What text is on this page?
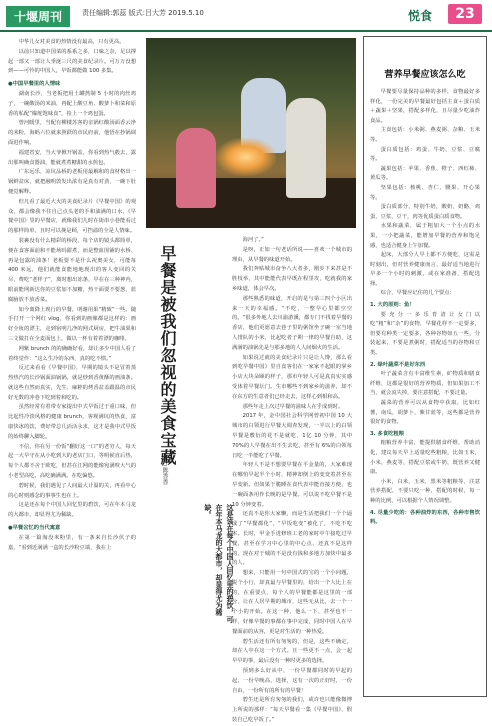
十堰周刊	责任编辑:郭蕊 版式:吕大芳 2019.5.10	悦食	23

中华儿女对美食的热情没有最高，只有更高。

以前只知道中国菜的系系之多，口味之杂，足以撑起一部又一部让人垂涎三尺的美食纪录片。可万万没想到——可怜的中国人，早饭都能做 100 多集。

●中国早餐里的人情味

湖南长沙，当老板把用土罐熬制 5 小时的肉丝鸡子，一碗酸汤的米油，再配上酸豆角、酸萝卜和菜和原香的私配“爆舵饱味食”，捡上一个鸡包蛋。

曾河暖里，当配有柳楼苏客的亲锅红酸汤面香云净的米粉，海蚂六位就来照跃的市民府前，他悟在抄锅调面进作响。

福建省安，当大爷掀开锅盖，你看到热气毂去，露出那叫确食器油，能就煮煮糖甜的水煎包。

广东远乐，凉坑品桥的老板用最解和的食材格出一锅鲜盆床，就把融明敦发出浓有是真有对劲，一碗下肚便觉解释。

但凡看了最近大火的美食纪录片《早餐中国》的观众，都会像我不住自己点头老的手和油满的口水，《早餐中国》里的早餐店，就像我们儿时在街串小巷能看过的那样简单，且时可以挽是顾，可挡溢的全是人情味。

装裹没有什么精彩的桥段，每个店的镜头都简单，便在食客面前和不能场吗甜煮，而是整血围铺的水桥、再是包露的油条！老板要不是什么祝奥美女，可能每 400 米远，他们就能食能地地现出的客人变回的关尽，费吃“老样子”，离时想出冻条，早在在三种神内，眼前能网新达你的豆浆加不加糖，热干面要不要葱，蓝腐脑放不放香菜。

如今离降上现行的早餐，明谢用果“精致”一些。随手打开一个网红 vlog，你看到的画像都是这样的：画好全妆的漂主，走到宿明几净的网式厨房，把牛油果和三文做打在全麦面包上，做以一杯有着着漂的咖啡。

网紫 brunch 的的确确好看，却让多少中国人看了着终觉作：“这么生冷的东西，真的吃不惯。”

反过来看看《早餐中国》，早期的镜头不是冒着蒸热热汽的长沙锅面油锅锅，就是炒到香黄酥的画油条。就这些自然而真实，先生、麻粹的烤香盆盖跟温的市民好无数的冲巷下吃到着和吃的。

虽然经常有着带专家提出中式早饭过于重口味，但比起性冷淡风格的健康 brunch，客观满坑的热食，富康快冰的饮，费好带总几活活永求，这才是我中式早饭的始终聊入脚轮。

不信，你在另一份饭“翻好这一口”的老穷人，每天起一大早守在从小吃到大的老店门口，等明候直后热，每个人都不舍于欧吃，但甚在江网的能像宛满吱大气的小老型高吃，高吃确满满。在吃偏悠。

碧时候，我们遇见了人间最大计温的关，再看中心的心时则感念的事事生也在上。

这是还在每个中国人回忆里的碧饮，可在年本马龙的大都市，却显得尤为稀缺。

●早餐岔忆的当代寓意

在第一篇淘没米粉里，有一条来自长沙伏子的嘉，“看到近满满一盒的长沙粉豆端，我在上

早餐是被我们忽视的美食宝藏
□陈香香
这是该在每个中国人回忆里的碧饮，可在年本马龙的大都市，却显得尤为稀缺。

海河了。”

是呀，正如一句老话所说——喜欢一个城市的理由，从早餐的味道开始。

我们奔贴城市奋争八大者多，刚步下来甚是不胜枝举，其中能能代表早既在程里攻，吃就我的家乡味道，体会早次。

那些熟悉的味道，开启的是与第三四个小区出来一天的幸福感。“不吃，一整早心里都空空的。“很多外地人去川渝游溪，都专门不找着早餐的香店，他们更愿意去巷子里的粥馆坐子碗一室当地人排队的小米，比起吃者子期一律的早餐自助，这满满的油锅先是与那多地的人人间烟火的生活。

如果说过就的美食纪录片只是让人馋，那么看到吃早餐中国》里自食客们在一家家不起眼的掌乡小店大块朵颐的样子，那市年轻人可是真真实实感受体着早餐坛门。生市哪些不到家乡的滋养，却不在东方的生意者们已经走去，这样心到相和高。

那些年走上次过早餐的滋味人在乎成到时。

2017 年，金中国社会科学网曾初中国 10 大城市的白领进行早餐大调查发现，一半以上的白领早餐是敷衍的花不是就吃，1亿 10 分钟，其中 70%的人早餐在出不生去吃，甚至有 6%的白领每日吃一半能吃了早餐。

年轻人不是不想要早餐在平金量的，大家难现在哪怕早起半个小时，精神却倒上的变变着甚至在早变新。但如果干脆睡在食代表中能直接方便，也一碗面条用作长晚的是早餐。可以说不吃早餐不是10 分钟变着。

还真不是你大家懒，而是生活把我们一个个逼成了“早餐都化”，“早饭吃变”被化了，不吃不吃本。长时，甲金手进修班工老的家时中午接吃过早餐，甚至在学习中心里的中心点，还真不是这样的，现在对于城的不是没有钱和多地方加快中最多的人。

想来，只能用一句中国式的宝的一个小问题，说个小行，却真最与早餐里的，给出一个人比上在的，在重要点，每个人的早餐能都是这里的一部分，让在人居早期的城市，这些无从比，去一个一个小的开始。在这一种，他么一下，甚至也不一样，好像早餐的事都在事中完成，同时中国人在早餐面前的从容，更是对生活的一种热爱。

碧生活还有所有匆匆的，但是，这些不确定，却在人中在这一个方式。且一些更不一点，会一起早早的事，最后没有一种时更多的选择。

预到多么好从中，一份早餐都同时的早起的起，一份早晚高，选择，这有一次的正好时，一份自由，一份所有的所有的早餐！

碧生还是所有匆匆的我们，或许也只能像微博上所说的那样：“每天早餐看一集《早餐中国》，假装自己吃早饭了。”

营养早餐应该怎么吃

早餐要尽量保持品种的多样，食物最好多样化，一份完美的早餐最好包括主食＋蛋白质＋蔬果＋坚果，搭配多样化，且尽量少吃油炸食品。

主食包括：小米粥、燕麦粥、杂粮、玉米等。

蛋白质包括：鸡蛋、牛奶、豆浆、豆腐等。

蔬果包括：苹果、香蕉、橙子、西红柿、黄瓜等。

坚果包括：核桃、杏仁、腰果、开心果等。

蛋白质部分，特别牛奶，酸奶，奶酪，鸡蛋，豆浆，豆干，肉等优质蛋白质食物。

水果和蔬菜，属于粗加大一个小点的水果，一小把蔬菜，能增加早餐的营养和饱足感，也适合健身上午加餐。

起床，大部分人早上都不方便吃，这需是时刻出，但对营养健康而言，最好适当地进行早多一个小时的刺激，或在家准备，搭配选择。

综合，早餐应记住的几个要点：

1. 大的原则：鱼！

要充分一多乐育清让女门以吃“粗”和“杂”的食物，早餐花样不一定要多，但要有种类一定要多，各种谷物如五一些，分装起来，不要是煮粥时，搭配适当的谷物和豆类。

2. 绿叶蔬菜不是好东西

叶子蔬菜含有丰富维生素，矿物质和膳食纤维，这都是很好的营养物质，但如果加工不当，就会流失掉，要注意搭配，不要过量。

蔬菜的营养可以从食物中获取，比如红薯，南瓜，胡萝卜，紫甘蓝等，这些都是营养很好的食物。

3. 多食吃粗粮

粗粮营养丰富，能提供膳食纤维，帮助消化，建议每天早上适量吃些粗粮，比如玉米，小米，燕麦等，搭配豆浆或牛奶，既营养又健康。

小米，白米，玉米，黑米等粗粮等，注意营养搭配，不要只吃一种，搭配的时候，每一种的比例，可以根据个人情况调整。

4. 尽量少吃的：各种油炸的东西，各种市售饮料。
